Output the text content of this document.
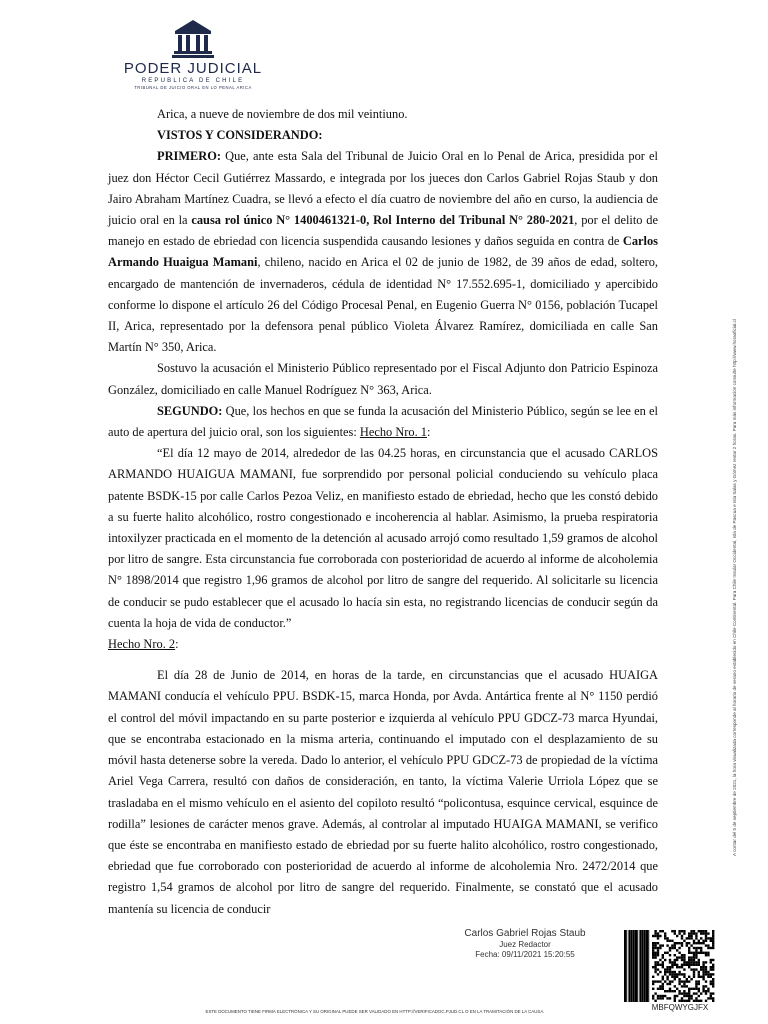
PODER JUDICIAL
REPUBLICA DE CHILE
TRIBUNAL DE JUICIO ORAL EN LO PENAL ARICA

Arica, a nueve de noviembre de dos mil veintiuno.

VISTOS Y CONSIDERANDO:

PRIMERO: Que, ante esta Sala del Tribunal de Juicio Oral en lo Penal de Arica, presidida por el juez don Héctor Cecil Gutiérrez Massardo, e integrada por los jueces don Carlos Gabriel Rojas Staub y don Jairo Abraham Martínez Cuadra, se llevó a efecto el día cuatro de noviembre del año en curso, la audiencia de juicio oral en la causa rol único N° 1400461321-0, Rol Interno del Tribunal N° 280-2021, por el delito de manejo en estado de ebriedad con licencia suspendida causando lesiones y daños seguida en contra de Carlos Armando Huaigua Mamani, chileno, nacido en Arica el 02 de junio de 1982, de 39 años de edad, soltero, encargado de mantención de invernaderos, cédula de identidad N° 17.552.695-1, domiciliado y apercibido conforme lo dispone el artículo 26 del Código Procesal Penal, en Eugenio Guerra N° 0156, población Tucapel II, Arica, representado por la defensora penal público Violeta Álvarez Ramírez, domiciliada en calle San Martín N° 350, Arica.

Sostuvo la acusación el Ministerio Público representado por el Fiscal Adjunto don Patricio Espinoza González, domiciliado en calle Manuel Rodríguez N° 363, Arica.

SEGUNDO: Que, los hechos en que se funda la acusación del Ministerio Público, según se lee en el auto de apertura del juicio oral, son los siguientes: Hecho Nro. 1:

“El día 12 mayo de 2014, alrededor de las 04.25 horas, en circunstancia que el acusado CARLOS ARMANDO HUAIGUA MAMANI, fue sorprendido por personal policial conduciendo su vehículo placa patente BSDK-15 por calle Carlos Pezoa Veliz, en manifiesto estado de ebriedad, hecho que les constó debido a su fuerte halito alcohólico, rostro congestionado e incoherencia al hablar. Asimismo, la prueba respiratoria intoxilyzer practicada en el momento de la detención al acusado arrojó como resultado 1,59 gramos de alcohol por litro de sangre. Esta circunstancia fue corroborada con posterioridad de acuerdo al informe de alcoholemia N° 1898/2014 que registro 1,96 gramos de alcohol por litro de sangre del requerido. Al solicitarle su licencia de conducir se pudo establecer que el acusado lo hacía sin esta, no registrando licencias de conducir según da cuenta la hoja de vida de conductor.”

Hecho Nro. 2:

El día 28 de Junio de 2014, en horas de la tarde, en circunstancias que el acusado HUAIGA MAMANI conducía el vehículo PPU. BSDK-15, marca Honda, por Avda. Antártica frente al N° 1150 perdió el control del móvil impactando en su parte posterior e izquierda al vehículo PPU GDCZ-73 marca Hyundai, que se encontraba estacionado en la misma arteria, continuando el imputado con el desplazamiento de su móvil hasta detenerse sobre la vereda. Dado lo anterior, el vehículo PPU GDCZ-73 de propiedad de la víctima Ariel Vega Carrera, resultó con daños de consideración, en tanto, la víctima Valerie Urriola López que se trasladaba en el mismo vehículo en el asiento del copiloto resultó “policontusa, esquince cervical, esquince de rodilla” lesiones de carácter menos grave. Además, al controlar al imputado HUAIGA MAMANI, se verifico que éste se encontraba en manifiesto estado de ebriedad por su fuerte halito alcohólico, rostro congestionado, ebriedad que fue corroborado con posterioridad de acuerdo al informe de alcoholemia Nro. 2472/2014 que registro 1,54 gramos de alcohol por litro de sangre del requerido. Finalmente, se constató que el acusado mantenía su licencia de conducir

A contar del 5 de septiembre de 2021, la hora visualizada corresponde al horario de verano establecido en Chile Continental. Para Chile Insular Occidental, Isla de Pascua e Isla Salas y Gómez restar 2 horas. Para más información consulte http://www.horaoficial.cl
Carlos Gabriel Rojas Staub
Juez Redactor
Fecha: 09/11/2021 15:20:55
MBFQWYGJFX
ESTE DOCUMENTO TIENE FIRMA ELECTRÓNICA Y SU ORIGINAL PUEDE SER VALIDADO EN HTTP://VERIFICADOC.PJUD.CL O EN LA TRAMITACIÓN DE LA CAUSA.
